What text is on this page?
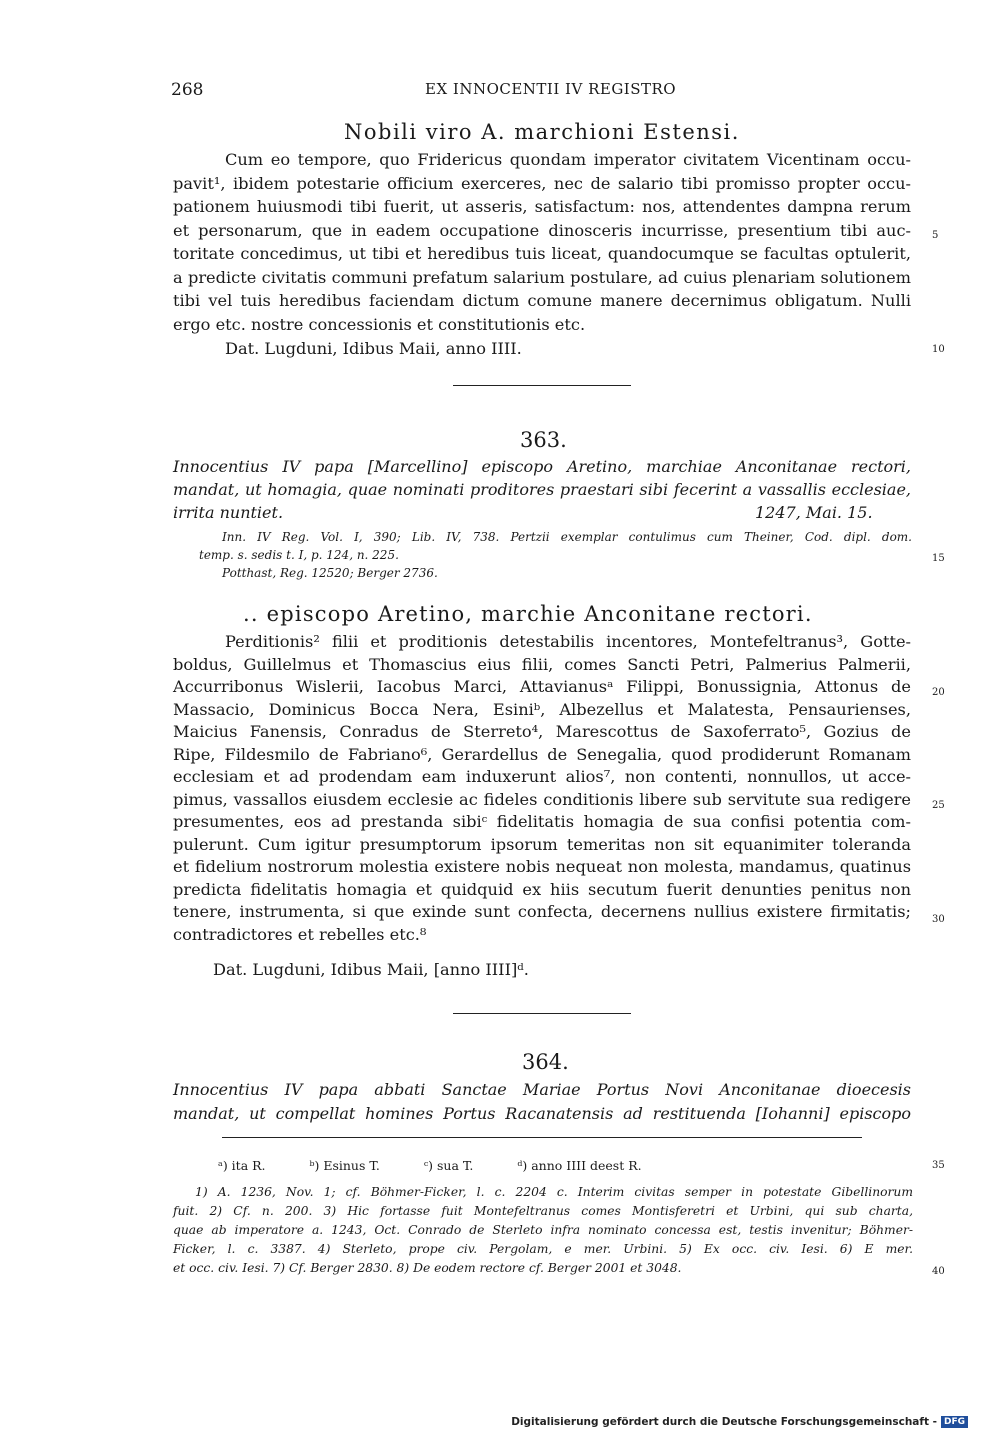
268	EX INNOCENTII IV REGISTRO
Nobili viro A. marchioni Estensi.
Cum eo tempore, quo Fridericus quondam imperator civitatem Vicentinam occu-
pavit¹, ibidem potestarie officium exerceres, nec de salario tibi promisso propter occu-
pationem huiusmodi tibi fuerit, ut asseris, satisfactum: nos, attendentes dampna rerum
et personarum, que in eadem occupatione dinosceris incurrisse, presentium tibi auc-
toritate concedimus, ut tibi et heredibus tuis liceat, quandocumque se facultas optulerit,
a predicte civitatis communi prefatum salarium postulare, ad cuius plenariam solutionem
tibi vel tuis heredibus faciendam dictum comune manere decernimus obligatum. Nulli
ergo etc. nostre concessionis et constitutionis etc.
Dat. Lugduni, Idibus Maii, anno IIII.
363.
Innocentius IV papa [Marcellino] episcopo Aretino, marchiae Anconitanae rectori,
mandat, ut homagia, quae nominati proditores praestari sibi fecerint a vassallis ecclesiae,
irrita nuntiet.	1247, Mai. 15.
Inn. IV Reg. Vol. I, 390; Lib. IV, 738. Pertzii exemplar contulimus cum Theiner, Cod. dipl. dom.
temp. s. sedis t. I, p. 124, n. 225.
Potthast, Reg. 12520; Berger 2736.
.. episcopo Aretino, marchie Anconitane rectori.
Perditionis² filii et proditionis detestabilis incentores, Montefeltranus³, Gotte-
boldus, Guillelmus et Thomascius eius filii, comes Sancti Petri, Palmerius Palmerii,
Accurribonus Wislerii, Iacobus Marci, Attavianusᵃ Filippi, Bonussignia, Attonus de
Massacio, Dominicus Bocca Nera, Esiniᵇ, Albezellus et Malatesta, Pensaurienses,
Maicius Fanensis, Conradus de Sterreto⁴, Marescottus de Saxoferrato⁵, Gozius de
Ripe, Fildesmilo de Fabriano⁶, Gerardellus de Senegalia, quod prodiderunt Romanam
ecclesiam et ad prodendam eam induxerunt alios⁷, non contenti, nonnullos, ut acce-
pimus, vassallos eiusdem ecclesie ac fideles conditionis libere sub servitute sua redigere
presumentes, eos ad prestanda sibiᶜ fidelitatis homagia de sua confisi potentia com-
pulerunt. Cum igitur presumptorum ipsorum temeritas non sit equanimiter toleranda
et fidelium nostrorum molestia existere nobis nequeat non molesta, mandamus, quatinus
predicta fidelitatis homagia et quidquid ex hiis secutum fuerit denunties penitus non
tenere, instrumenta, si que exinde sunt confecta, decernens nullius existere firmitatis;
contradictores et rebelles etc.⁸
Dat. Lugduni, Idibus Maii, [anno IIII]ᵈ.
364.
Innocentius IV papa abbati Sanctae Mariae Portus Novi Anconitanae dioecesis
mandat, ut compellat homines Portus Racanatensis ad restituenda [Iohanni] episcopo
5
10
15
20
25
30
35
40
ᵃ) ita R.	ᵇ) Esinus T.	ᶜ) sua T.	ᵈ) anno IIII deest R.
1) A. 1236, Nov. 1; cf. Böhmer-Ficker, l. c. 2204 c. Interim civitas semper in potestate Gibellinorum
fuit. 2) Cf. n. 200. 3) Hic fortasse fuit Montefeltranus comes Montisferetri et Urbini, qui sub charta,
quae ab imperatore a. 1243, Oct. Conrado de Sterleto infra nominato concessa est, testis invenitur; Böhmer-
Ficker, l. c. 3387. 4) Sterleto, prope civ. Pergolam, e mer. Urbini. 5) Ex occ. civ. Iesi. 6) E mer.
et occ. civ. Iesi. 7) Cf. Berger 2830. 8) De eodem rectore cf. Berger 2001 et 3048.
Digitalisierung gefördert durch die Deutsche Forschungsgemeinschaft - DFG
